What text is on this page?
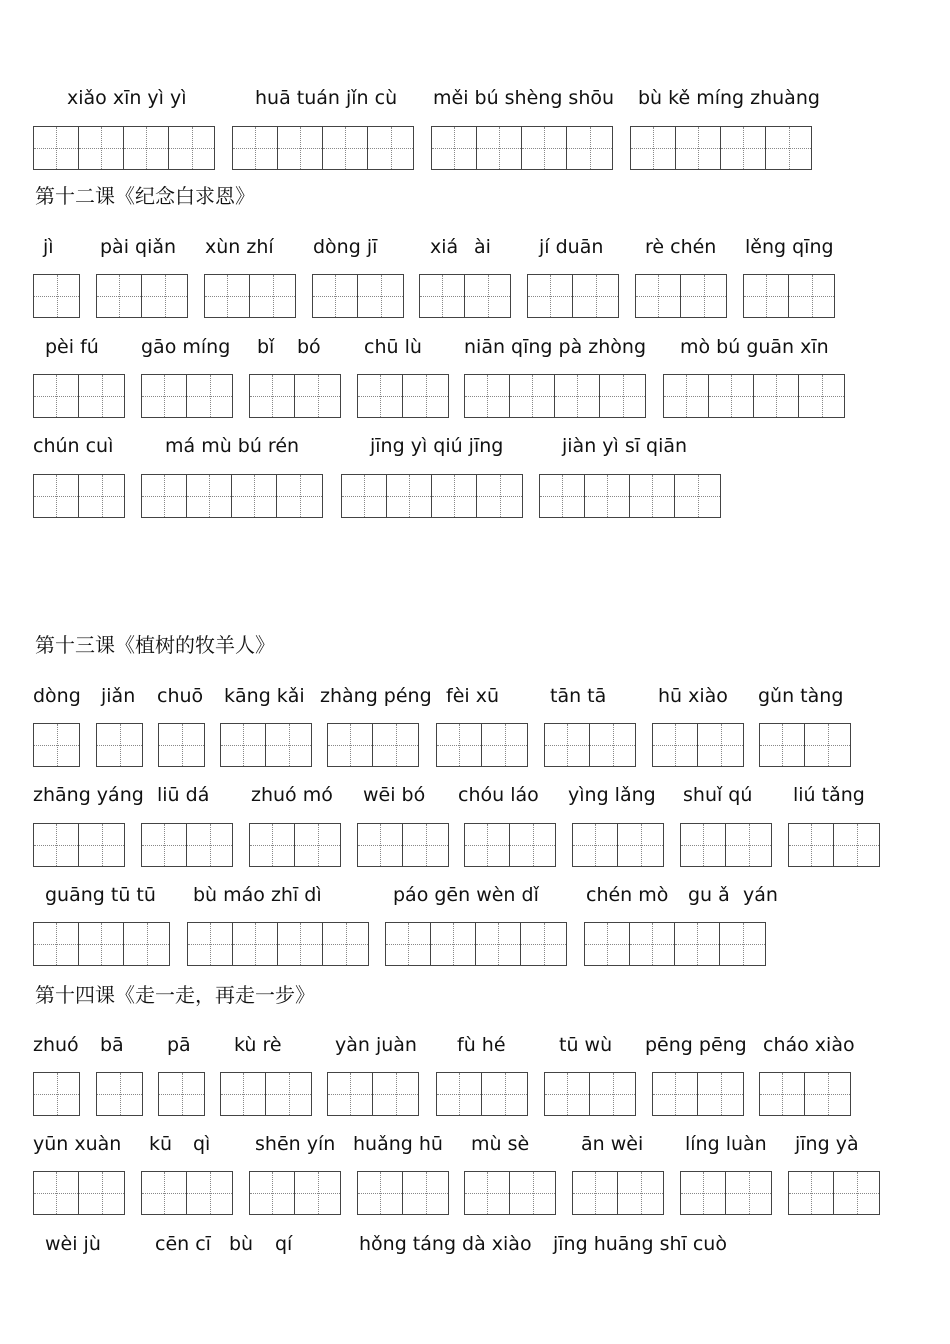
xiǎo xīn yì yì	huā tuán jǐn cù měi bú shèng shōu bù kě míng zhuàng
第十二课《纪念白求恩》
jì pài qiǎn xùn zhí dòng jī	xiá ài	jí duān rè chén lěng qīng
pèi fú gāo míng bǐ bó chū lù niān qīng pà zhòng mò bú guān xīn
chún cuì	má mù bú rén	jīng yì qiú jīng	jiàn yì sī qiān
第十三课《植树的牧羊人》
dòng jiǎn chuō kāng kǎi zhàng péng fèi xū	tān tā	hū xiào gǔn tàng
zhāng yáng liū dá zhuó mó wēi bó chóu láo yìng lǎng shuǐ qú liú tǎng
guāng tū tū bù máo zhī dì	páo gēn wèn dǐ chén mò gu ǎ yán
第十四课《走一走，再走一步》
zhuó bā pā kù rè	yàn juàn fù hé	tū wù pēng pēng cháo xiào
yūn xuàn kū qì shēn yín huǎng hū mù sè	ān wèi líng luàn jīng yà
wèi jù	cēn cī bù qí	hǒng táng dà xiào jīng huāng shī cuò
